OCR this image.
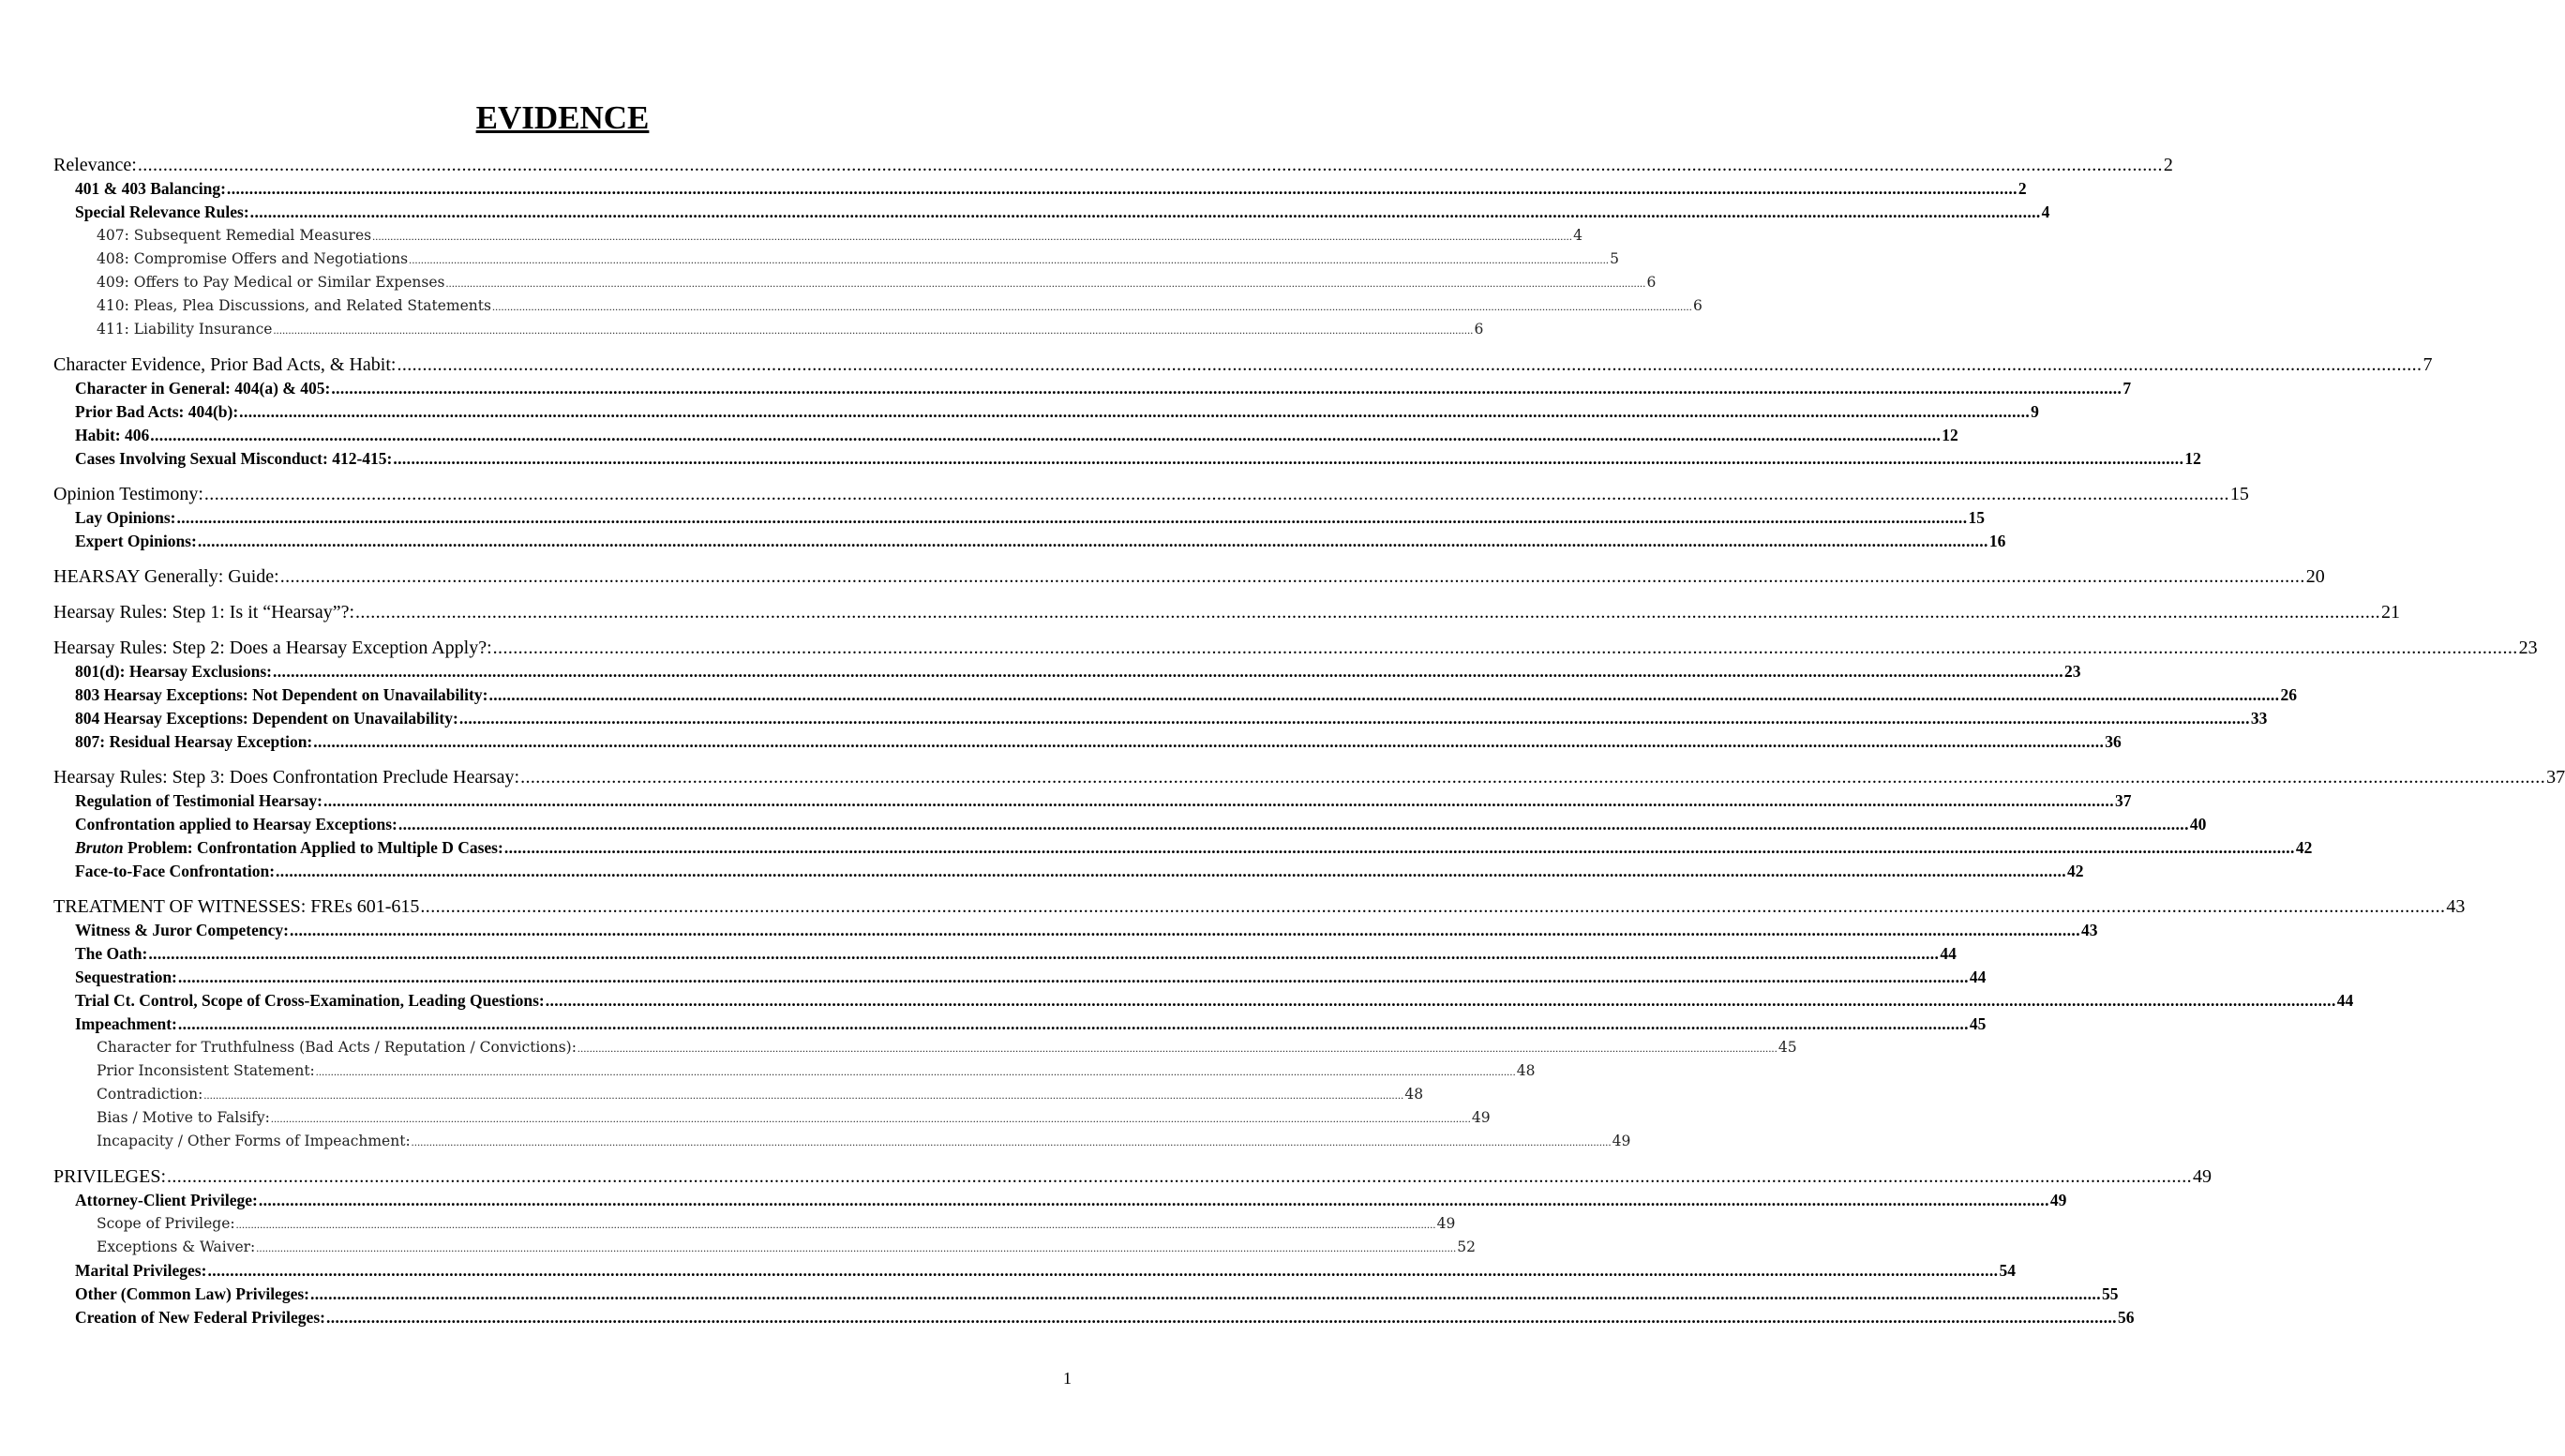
EVIDENCE
Relevance: ................................................................................................................................................................................................................................................................................................................................................................................................................ 2
401 & 403 Balancing: ................................................................................................................................................................................................................................................................................................................................................................................................................ 2
Special Relevance Rules: ................................................................................................................................................................................................................................................................................................................................................................................................................ 4
407: Subsequent Remedial Measures ................................................................................................................................................................................................................................................................................................................................................................................................................ 4
408: Compromise Offers and Negotiations ................................................................................................................................................................................................................................................................................................................................................................................................................ 5
409: Offers to Pay Medical or Similar Expenses ................................................................................................................................................................................................................................................................................................................................................................................................................ 6
410: Pleas, Plea Discussions, and Related Statements ................................................................................................................................................................................................................................................................................................................................................................................................................ 6
411: Liability Insurance ................................................................................................................................................................................................................................................................................................................................................................................................................ 6
Character Evidence, Prior Bad Acts, & Habit: ................................................................................................................................................................................................................................................................................................................................................................................................................ 7
Character in General: 404(a) & 405: ................................................................................................................................................................................................................................................................................................................................................................................................................ 7
Prior Bad Acts: 404(b): ................................................................................................................................................................................................................................................................................................................................................................................................................ 9
Habit: 406 ................................................................................................................................................................................................................................................................................................................................................................................................................ 12
Cases Involving Sexual Misconduct: 412-415: ................................................................................................................................................................................................................................................................................................................................................................................................................ 12
Opinion Testimony: ................................................................................................................................................................................................................................................................................................................................................................................................................ 15
Lay Opinions: ................................................................................................................................................................................................................................................................................................................................................................................................................ 15
Expert Opinions: ................................................................................................................................................................................................................................................................................................................................................................................................................ 16
HEARSAY Generally: Guide: ................................................................................................................................................................................................................................................................................................................................................................................................................ 20
Hearsay Rules: Step 1: Is it “Hearsay”?: ................................................................................................................................................................................................................................................................................................................................................................................................................ 21
Hearsay Rules: Step 2: Does a Hearsay Exception Apply?: ................................................................................................................................................................................................................................................................................................................................................................................................................ 23
801(d): Hearsay Exclusions: ................................................................................................................................................................................................................................................................................................................................................................................................................ 23
803 Hearsay Exceptions: Not Dependent on Unavailability: ................................................................................................................................................................................................................................................................................................................................................................................................................ 26
804 Hearsay Exceptions: Dependent on Unavailability: ................................................................................................................................................................................................................................................................................................................................................................................................................ 33
807: Residual Hearsay Exception: ................................................................................................................................................................................................................................................................................................................................................................................................................ 36
Hearsay Rules: Step 3: Does Confrontation Preclude Hearsay: ................................................................................................................................................................................................................................................................................................................................................................................................................ 37
Regulation of Testimonial Hearsay: ................................................................................................................................................................................................................................................................................................................................................................................................................ 37
Confrontation applied to Hearsay Exceptions: ................................................................................................................................................................................................................................................................................................................................................................................................................ 40
Bruton Problem: Confrontation Applied to Multiple D Cases: ................................................................................................................................................................................................................................................................................................................................................................................................................ 42
Face-to-Face Confrontation: ................................................................................................................................................................................................................................................................................................................................................................................................................ 42
TREATMENT OF WITNESSES: FREs 601-615 ................................................................................................................................................................................................................................................................................................................................................................................................................ 43
Witness & Juror Competency: ................................................................................................................................................................................................................................................................................................................................................................................................................ 43
The Oath: ................................................................................................................................................................................................................................................................................................................................................................................................................ 44
Sequestration: ................................................................................................................................................................................................................................................................................................................................................................................................................ 44
Trial Ct. Control, Scope of Cross-Examination, Leading Questions: ................................................................................................................................................................................................................................................................................................................................................................................................................ 44
Impeachment: ................................................................................................................................................................................................................................................................................................................................................................................................................ 45
Character for Truthfulness (Bad Acts / Reputation / Convictions): ................................................................................................................................................................................................................................................................................................................................................................................................................ 45
Prior Inconsistent Statement: ................................................................................................................................................................................................................................................................................................................................................................................................................ 48
Contradiction: ................................................................................................................................................................................................................................................................................................................................................................................................................ 48
Bias / Motive to Falsify: ................................................................................................................................................................................................................................................................................................................................................................................................................ 49
Incapacity / Other Forms of Impeachment: ................................................................................................................................................................................................................................................................................................................................................................................................................ 49
PRIVILEGES: ................................................................................................................................................................................................................................................................................................................................................................................................................ 49
Attorney-Client Privilege: ................................................................................................................................................................................................................................................................................................................................................................................................................ 49
Scope of Privilege: ................................................................................................................................................................................................................................................................................................................................................................................................................ 49
Exceptions & Waiver: ................................................................................................................................................................................................................................................................................................................................................................................................................ 52
Marital Privileges: ................................................................................................................................................................................................................................................................................................................................................................................................................ 54
Other (Common Law) Privileges: ................................................................................................................................................................................................................................................................................................................................................................................................................ 55
Creation of New Federal Privileges: ................................................................................................................................................................................................................................................................................................................................................................................................................ 56
1
